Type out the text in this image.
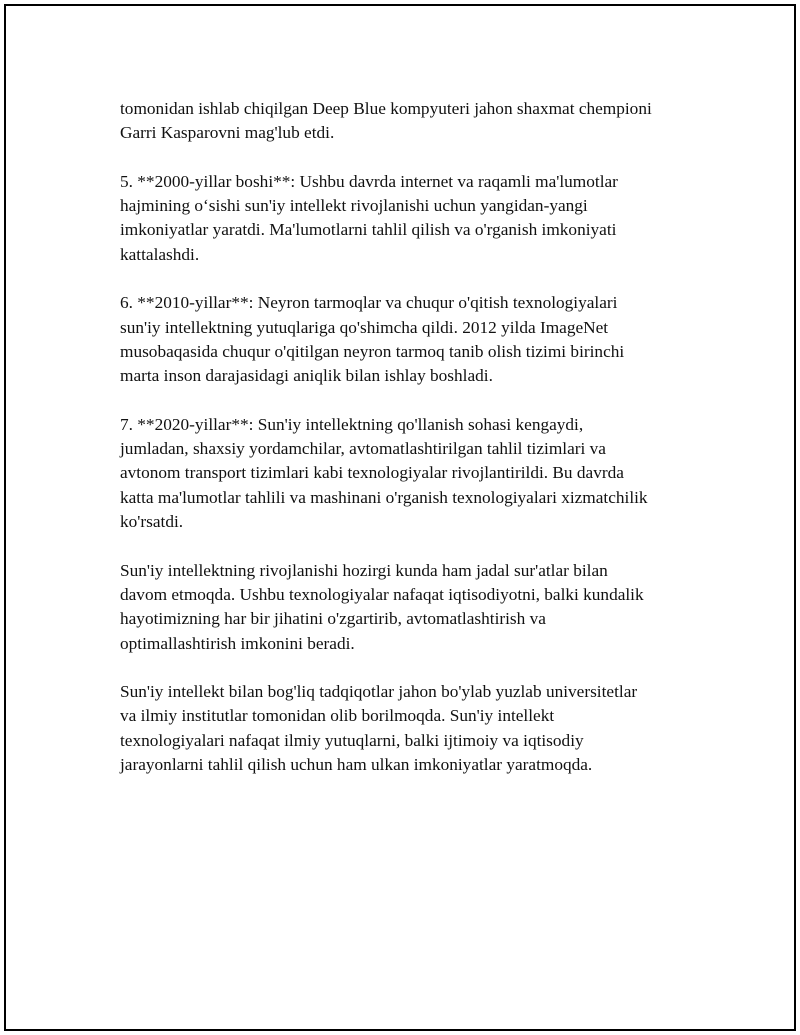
tomonidan ishlab chiqilgan Deep Blue kompyuteri jahon shaxmat chempioni
Garri Kasparovni mag'lub etdi.

5. **2000-yillar boshi**: Ushbu davrda internet va raqamli ma'lumotlar
hajmining oʻsishi sun'iy intellekt rivojlanishi uchun yangidan-yangi
imkoniyatlar yaratdi. Ma'lumotlarni tahlil qilish va o'rganish imkoniyati
kattalashdi.

6. **2010-yillar**: Neyron tarmoqlar va chuqur o'qitish texnologiyalari
sun'iy intellektning yutuqlariga qo'shimcha qildi. 2012 yilda ImageNet
musobaqasida chuqur o'qitilgan neyron tarmoq tanib olish tizimi birinchi
marta inson darajasidagi aniqlik bilan ishlay boshladi.

7. **2020-yillar**: Sun'iy intellektning qo'llanish sohasi kengaydi,
jumladan, shaxsiy yordamchilar, avtomatlashtirilgan tahlil tizimlari va
avtonom transport tizimlari kabi texnologiyalar rivojlantirildi. Bu davrda
katta ma'lumotlar tahlili va mashinani o'rganish texnologiyalari xizmatchilik
ko'rsatdi.

Sun'iy intellektning rivojlanishi hozirgi kunda ham jadal sur'atlar bilan
davom etmoqda. Ushbu texnologiyalar nafaqat iqtisodiyotni, balki kundalik
hayotimizning har bir jihatini o'zgartirib, avtomatlashtirish va
optimallashtirish imkonini beradi.

Sun'iy intellekt bilan bog'liq tadqiqotlar jahon bo'ylab yuzlab universitetlar
va ilmiy institutlar tomonidan olib borilmoqda. Sun'iy intellekt
texnologiyalari nafaqat ilmiy yutuqlarni, balki ijtimoiy va iqtisodiy
jarayonlarni tahlil qilish uchun ham ulkan imkoniyatlar yaratmoqda.
